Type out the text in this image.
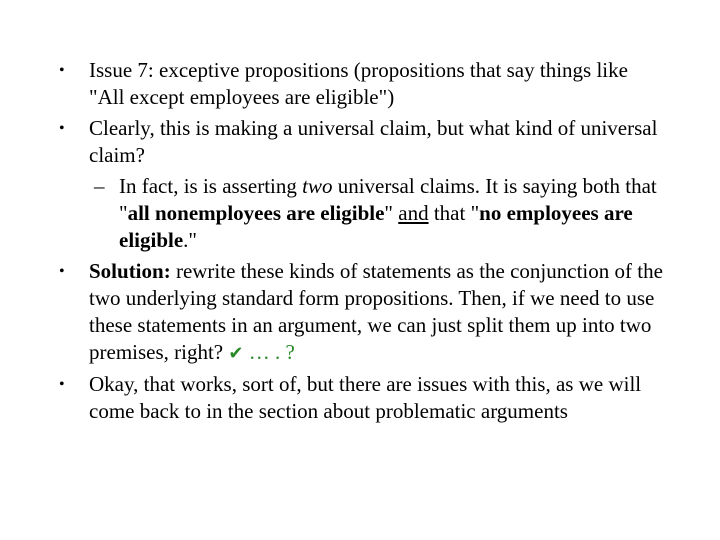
• Issue 7: exceptive propositions (propositions that say things like "All except employees are eligible")
• Clearly, this is making a universal claim, but what kind of universal claim?
– In fact, is is asserting two universal claims. It is saying both that "all nonemployees are eligible" and that "no employees are eligible."
• Solution: rewrite these kinds of statements as the conjunction of the two underlying standard form propositions. Then, if we need to use these statements in an argument, we can just split them up into two premises, right? ✔ … . ?
• Okay, that works, sort of, but there are issues with this, as we will come back to in the section about problematic arguments
